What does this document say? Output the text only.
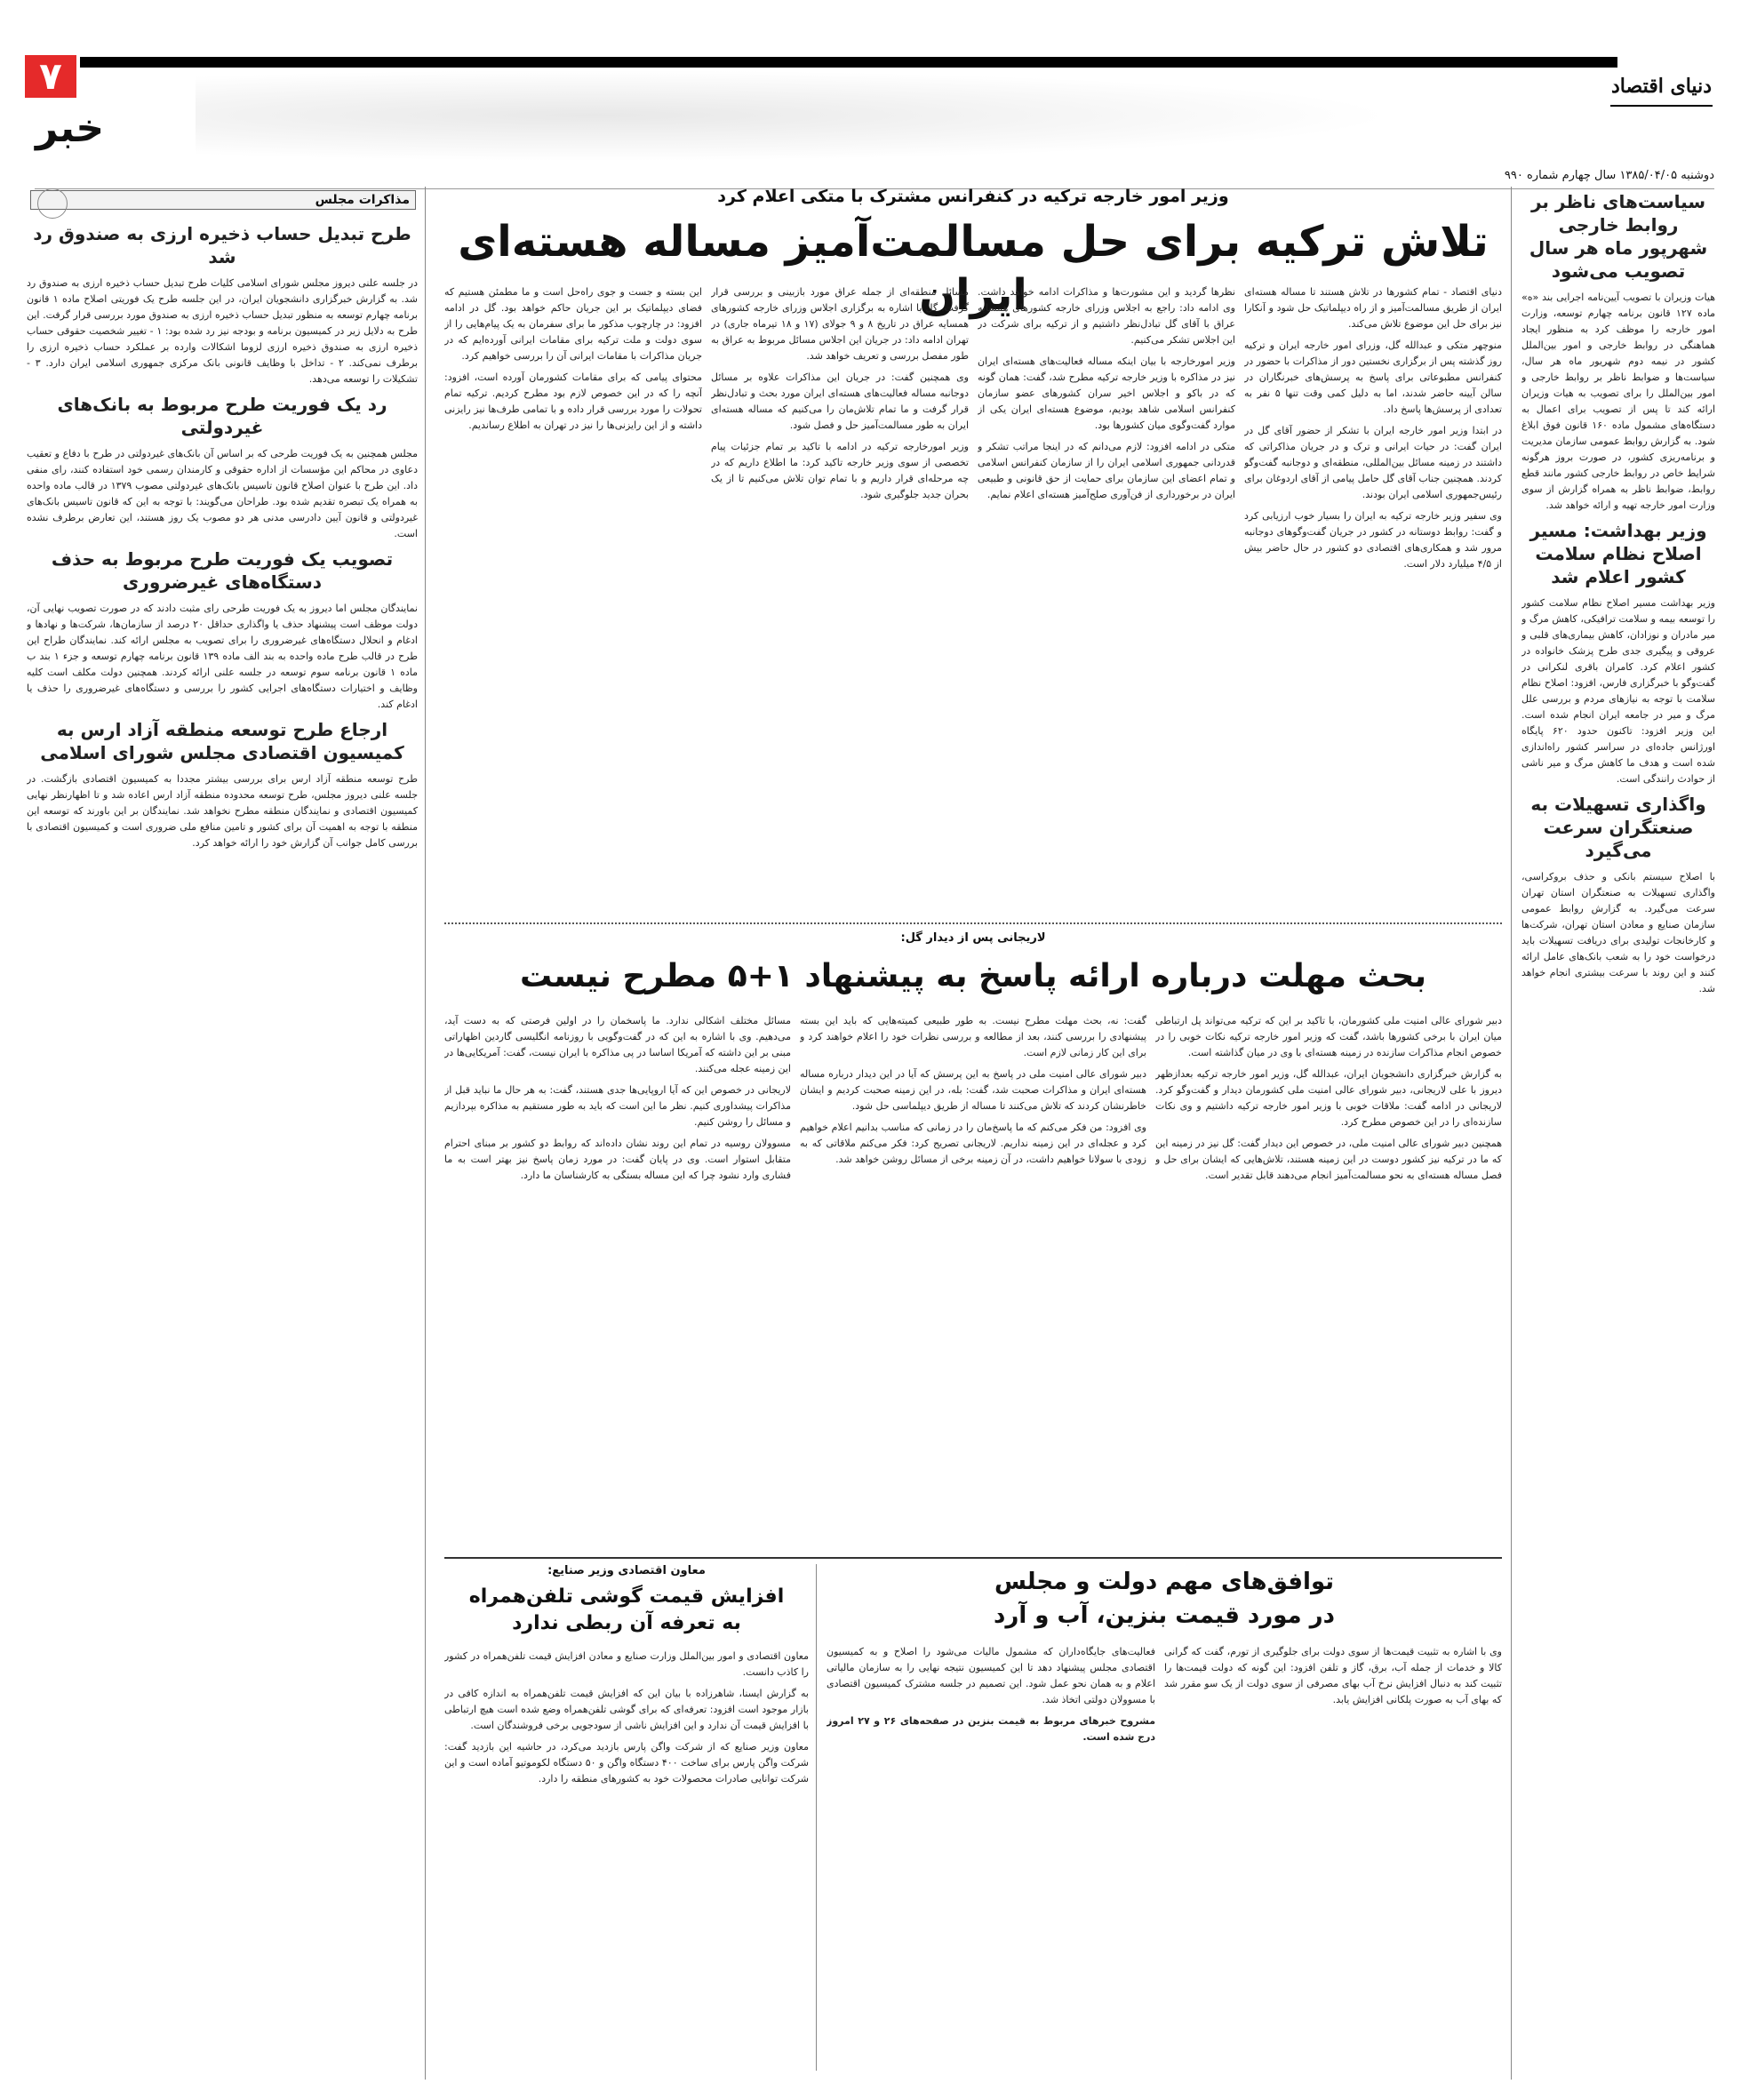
۷
خبر
دنیای اقتصاد
دوشنبه ۱۳۸۵/۰۴/۰۵ سال چهارم شماره ۹۹۰
مذاکرات مجلس
طرح تبدیل حساب ذخیره ارزی به صندوق رد شد

در جلسه علنی دیروز مجلس شورای اسلامی کلیات طرح تبدیل حساب ذخیره ارزی به صندوق رد شد. به گزارش خبرگزاری دانشجویان ایران، در این جلسه طرح یک فوریتی اصلاح ماده ۱ قانون برنامه چهارم توسعه به منظور تبدیل حساب ذخیره ارزی به صندوق مورد بررسی قرار گرفت. این طرح به دلایل زیر در کمیسیون برنامه و بودجه نیز رد شده بود: ۱ - تغییر شخصیت حقوقی حساب ذخیره ارزی به صندوق ذخیره ارزی لزوما اشکالات وارده بر عملکرد حساب ذخیره ارزی را برطرف نمی‌کند. ۲ - تداخل با وظایف قانونی بانک مرکزی جمهوری اسلامی ایران دارد. ۳ - تشکیلات را توسعه می‌دهد.

رد یک فوریت طرح مربوط به بانک‌های غیردولتی

مجلس همچنین به یک فوریت طرحی که بر اساس آن بانک‌های غیردولتی در طرح با دفاع و تعقیب دعاوی در محاکم این مؤسسات از اداره حقوقی و کارمندان رسمی خود استفاده کنند، رای منفی داد. این طرح با عنوان اصلاح قانون تاسیس بانک‌های غیردولتی مصوب ۱۳۷۹ در قالب ماده واحده به همراه یک تبصره تقدیم شده بود. طراحان می‌گویند: با توجه به این که قانون تاسیس بانک‌های غیردولتی و قانون آیین دادرسی مدنی هر دو مصوب یک روز هستند، این تعارض برطرف نشده است.

تصویب یک فوریت طرح مربوط به حذف دستگاه‌های غیرضروری

نمایندگان مجلس اما دیروز به یک فوریت طرحی رای مثبت دادند که در صورت تصویب نهایی آن، دولت موظف است پیشنهاد حذف یا واگذاری حداقل ۲۰ درصد از سازمان‌ها، شرکت‌ها و نهادها و ادغام و انحلال دستگاه‌های غیرضروری را برای تصویب به مجلس ارائه کند. نمایندگان طراح این طرح در قالب طرح ماده واحده به بند الف ماده ۱۳۹ قانون برنامه چهارم توسعه و جزء ۱ بند ب ماده ۱ قانون برنامه سوم توسعه در جلسه علنی ارائه کردند. همچنین دولت مکلف است کلیه وظایف و اختیارات دستگاه‌های اجرایی کشور را بررسی و دستگاه‌های غیرضروری را حذف یا ادغام کند.

ارجاع طرح توسعه منطقه آزاد ارس به کمیسیون اقتصادی مجلس شورای اسلامی

طرح توسعه منطقه آزاد ارس برای بررسی بیشتر مجددا به کمیسیون اقتصادی بازگشت. در جلسه علنی دیروز مجلس، طرح توسعه محدوده منطقه آزاد ارس اعاده شد و تا اظهارنظر نهایی کمیسیون اقتصادی و نمایندگان منطقه مطرح نخواهد شد. نمایندگان بر این باورند که توسعه این منطقه با توجه به اهمیت آن برای کشور و تامین منافع ملی ضروری است و کمیسیون اقتصادی با بررسی کامل جوانب آن گزارش خود را ارائه خواهد کرد.

سیاست‌های ناظر بر روابط خارجی شهرپور ماه هر سال تصویب می‌شود

هیات وزیران با تصویب آیین‌نامه اجرایی بند «ه» ماده ۱۲۷ قانون برنامه چهارم توسعه، وزارت امور خارجه را موظف کرد به منظور ایجاد هماهنگی در روابط خارجی و امور بین‌الملل کشور در نیمه دوم شهریور ماه هر سال، سیاست‌ها و ضوابط ناظر بر روابط خارجی و امور بین‌الملل را برای تصویب به هیات وزیران ارائه کند تا پس از تصویب برای اعمال به دستگاه‌های مشمول ماده ۱۶۰ قانون فوق ابلاغ شود. به گزارش روابط عمومی سازمان مدیریت و برنامه‌ریزی کشور، در صورت بروز هرگونه شرایط خاص در روابط خارجی کشور مانند قطع روابط، ضوابط ناظر به همراه گزارش از سوی وزارت امور خارجه تهیه و ارائه خواهد شد.

وزیر بهداشت: مسیر اصلاح نظام سلامت کشور اعلام شد

وزیر بهداشت مسیر اصلاح نظام سلامت کشور را توسعه بیمه و سلامت ترافیکی، کاهش مرگ و میر مادران و نوزادان، کاهش بیماری‌های قلبی و عروقی و پیگیری جدی طرح پزشک خانواده در کشور اعلام کرد. کامران باقری لنکرانی در گفت‌وگو با خبرگزاری فارس، افزود: اصلاح نظام سلامت با توجه به نیازهای مردم و بررسی علل مرگ و میر در جامعه ایران انجام شده است. این وزیر افزود: تاکنون حدود ۶۲۰ پایگاه اورژانس جاده‌ای در سراسر کشور راه‌اندازی شده است و هدف ما کاهش مرگ و میر ناشی از حوادث رانندگی است.

واگذاری تسهیلات به صنعتگران سرعت می‌گیرد

با اصلاح سیستم بانکی و حذف بروکراسی، واگذاری تسهیلات به صنعتگران استان تهران سرعت می‌گیرد. به گزارش روابط عمومی سازمان صنایع و معادن استان تهران، شرکت‌ها و کارخانجات تولیدی برای دریافت تسهیلات باید درخواست خود را به شعب بانک‌های عامل ارائه کنند و این روند با سرعت بیشتری انجام خواهد شد.

وزیر امور خارجه ترکیه در کنفرانس مشترک با متکی اعلام کرد
تلاش ترکیه برای حل مسالمت‌آمیز مساله هسته‌ای ایران	دنیای اقتصاد - تمام کشورها در تلاش هستند تا مساله هسته‌ای ایران از طریق مسالمت‌آمیز و از راه دیپلماتیک حل شود و آنکارا نیز برای حل این موضوع تلاش می‌کند.

منوچهر متکی و عبدالله گل، وزرای امور خارجه ایران و ترکیه روز گذشته پس از برگزاری نخستین دور از مذاکرات با حضور در کنفرانس مطبوعاتی برای پاسخ به پرسش‌های خبرنگاران در سالن آیینه حاضر شدند، اما به دلیل کمی وقت تنها ۵ نفر به تعدادی از پرسش‌ها پاسخ داد.

در ابتدا وزیر امور خارجه ایران با تشکر از حضور آقای گل در ایران گفت: در حیات ایرانی و ترک و در جریان مذاکراتی که داشتند در زمینه مسائل بین‌المللی، منطقه‌ای و دوجانبه گفت‌وگو کردند. همچنین جناب آقای گل حامل پیامی از آقای اردوغان برای رئیس‌جمهوری اسلامی ایران بودند.

وی سفیر وزیر خارجه ترکیه به ایران را بسیار خوب ارزیابی کرد و گفت: روابط دوستانه در کشور در جریان گفت‌وگوهای دوجانبه مرور شد و همکاری‌های اقتصادی دو کشور در حال حاضر بیش از ۴/۵ میلیارد دلار است.

نظرها گردید و این مشورت‌ها و مذاکرات ادامه خواهد داشت. وی ادامه داد: راجع به اجلاس وزرای خارجه کشورهای همسایه عراق با آقای گل تبادل‌نظر داشتیم و از ترکیه برای شرکت در این اجلاس تشکر می‌کنیم.

وزیر امورخارجه با بیان اینکه مساله فعالیت‌های هسته‌ای ایران نیز در مذاکره با وزیر خارجه ترکیه مطرح شد، گفت: همان گونه که در باکو و اجلاس اخیر سران کشورهای عضو سازمان کنفرانس اسلامی شاهد بودیم، موضوع هسته‌ای ایران یکی از موارد گفت‌وگوی میان کشورها بود.

متکی در ادامه افزود: لازم می‌دانم که در اینجا مراتب تشکر و قدردانی جمهوری اسلامی ایران را از سازمان کنفرانس اسلامی و تمام اعضای این سازمان برای حمایت از حق قانونی و طبیعی ایران در برخورداری از فن‌آوری صلح‌آمیز هسته‌ای اعلام نمایم.

مسائل منطقه‌ای از جمله عراق مورد بازبینی و بررسی قرار گرفت. گل با اشاره به برگزاری اجلاس وزرای خارجه کشورهای همسایه عراق در تاریخ ۸ و ۹ جولای (۱۷ و ۱۸ تیرماه جاری) در تهران ادامه داد: در جریان این اجلاس مسائل مربوط به عراق به طور مفصل بررسی و تعریف خواهد شد.

وی همچنین گفت: در جریان این مذاکرات علاوه بر مسائل دوجانبه مساله فعالیت‌های هسته‌ای ایران مورد بحث و تبادل‌نظر قرار گرفت و ما تمام تلاش‌مان را می‌کنیم که مساله هسته‌ای ایران به طور مسالمت‌آمیز حل و فصل شود.

وزیر امورخارجه ترکیه در ادامه با تاکید بر تمام جزئیات پیام تخصصی از سوی وزیر خارجه تاکید کرد: ما اطلاع داریم که در چه مرحله‌ای قرار داریم و با تمام توان تلاش می‌کنیم تا از یک بحران جدید جلوگیری شود.

این بسته و جست و جوی راه‌حل است و ما مطمئن هستیم که فضای دیپلماتیک بر این جریان حاکم خواهد بود. گل در ادامه افزود: در چارچوب مذکور ما برای سفرمان به یک پیام‌هایی را از سوی دولت و ملت ترکیه برای مقامات ایرانی آورده‌ایم که در جریان مذاکرات با مقامات ایرانی آن را بررسی خواهیم کرد.

محتوای پیامی که برای مقامات کشورمان آورده است، افزود: آنچه را که در این خصوص لازم بود مطرح کردیم. ترکیه تمام تحولات را مورد بررسی قرار داده و با تمامی طرف‌ها نیز رایزنی داشته و از این رایزنی‌ها را نیز در تهران به اطلاع رساندیم.

لاریجانی پس از دیدار گل:
بحث مهلت درباره ارائه پاسخ به پیشنهاد ۱+۵ مطرح نیست

دبیر شورای عالی امنیت ملی کشورمان، با تاکید بر این که ترکیه می‌تواند پل ارتباطی میان ایران با برخی کشورها باشد، گفت که وزیر امور خارجه ترکیه نکات خوبی را در خصوص انجام مذاکرات سازنده در زمینه هسته‌ای با وی در میان گذاشته است.

به گزارش خبرگزاری دانشجویان ایران، عبدالله گل، وزیر امور خارجه ترکیه بعدازظهر دیروز با علی لاریجانی، دبیر شورای عالی امنیت ملی کشورمان دیدار و گفت‌وگو کرد. لاریجانی در ادامه گفت: ملاقات خوبی با وزیر امور خارجه ترکیه داشتیم و وی نکات سازنده‌ای را در این خصوص مطرح کرد.

همچنین دبیر شورای عالی امنیت ملی، در خصوص این دیدار گفت: گل نیز در زمینه این که ما در ترکیه نیز کشور دوست در این زمینه هستند، تلاش‌هایی که ایشان برای حل و فصل مساله هسته‌ای به نحو مسالمت‌آمیز انجام می‌دهند قابل تقدیر است.

گفت: نه، بحث مهلت مطرح نیست. به طور طبیعی کمیته‌هایی که باید این بسته پیشنهادی را بررسی کنند، بعد از مطالعه و بررسی نظرات خود را اعلام خواهند کرد و برای این کار زمانی لازم است.

دبیر شورای عالی امنیت ملی در پاسخ به این پرسش که آیا در این دیدار درباره مساله هسته‌ای ایران و مذاکرات صحبت شد، گفت: بله، در این زمینه صحبت کردیم و ایشان خاطرنشان کردند که تلاش می‌کنند تا مساله از طریق دیپلماسی حل شود.

وی افزود: من فکر می‌کنم که ما پاسخ‌مان را در زمانی که مناسب بدانیم اعلام خواهیم کرد و عجله‌ای در این زمینه نداریم. لاریجانی تصریح کرد: فکر می‌کنم ملاقاتی که به زودی با سولانا خواهیم داشت، در آن زمینه برخی از مسائل روشن خواهد شد.

مسائل مختلف اشکالی ندارد. ما پاسخمان را در اولین فرصتی که به دست آید، می‌دهیم. وی با اشاره به این که در گفت‌وگویی با روزنامه انگلیسی گاردین اظهاراتی مبنی بر این داشته که آمریکا اساسا در پی مذاکره با ایران نیست، گفت: آمریکایی‌ها در این زمینه عجله می‌کنند.

لاریجانی در خصوص این که آیا اروپایی‌ها جدی هستند، گفت: به هر حال ما نباید قبل از مذاکرات پیشداوری کنیم. نظر ما این است که باید به طور مستقیم به مذاکره بپردازیم و مسائل را روشن کنیم.

مسوولان روسیه در تمام این روند نشان داده‌اند که روابط دو کشور بر مبنای احترام متقابل استوار است. وی در پایان گفت: در مورد زمان پاسخ نیز بهتر است به ما فشاری وارد نشود چرا که این مساله بستگی به کارشناسان ما دارد.

توافق‌های مهم دولت و مجلس
در مورد قیمت بنزین، آب و آرد

وی با اشاره به تثبیت قیمت‌ها از سوی دولت برای جلوگیری از تورم، گفت که گرانی کالا و خدمات از جمله آب، برق، گاز و تلفن افزود: این گونه که دولت قیمت‌ها را تثبیت کند به دنبال افزایش نرخ آب بهای مصرفی از سوی دولت از یک سو مقرر شد که بهای آب به صورت پلکانی افزایش یابد.

فعالیت‌های جایگاه‌داران که مشمول مالیات می‌شود را اصلاح و به کمیسیون اقتصادی مجلس پیشنهاد دهد تا این کمیسیون نتیجه نهایی را به سازمان مالیاتی اعلام و به همان نحو عمل شود. این تصمیم در جلسه مشترک کمیسیون اقتصادی با مسوولان دولتی اتخاذ شد.

مشروح خبرهای مربوط به قیمت بنزین در صفحه‌های ۲۶ و ۲۷ امروز درج شده است.

معاون اقتصادی وزیر صنایع:
افزایش قیمت گوشی تلفن‌همراه
به تعرفه آن ربطی ندارد

معاون اقتصادی و امور بین‌الملل وزارت صنایع و معادن افزایش قیمت تلفن‌همراه در کشور را کاذب دانست.

به گزارش ایسنا، شاهرزاده با بیان این که افزایش قیمت تلفن‌همراه به اندازه کافی در بازار موجود است افزود: تعرفه‌ای که برای گوشی تلفن‌همراه وضع شده است هیچ ارتباطی با افزایش قیمت آن ندارد و این افزایش ناشی از سودجویی برخی فروشندگان است.

معاون وزیر صنایع که از شرکت واگن پارس بازدید می‌کرد، در حاشیه این بازدید گفت: شرکت واگن پارس برای ساخت ۴۰۰ دستگاه واگن و ۵۰ دستگاه لکوموتیو آماده است و این شرکت توانایی صادرات محصولات خود به کشورهای منطقه را دارد.
